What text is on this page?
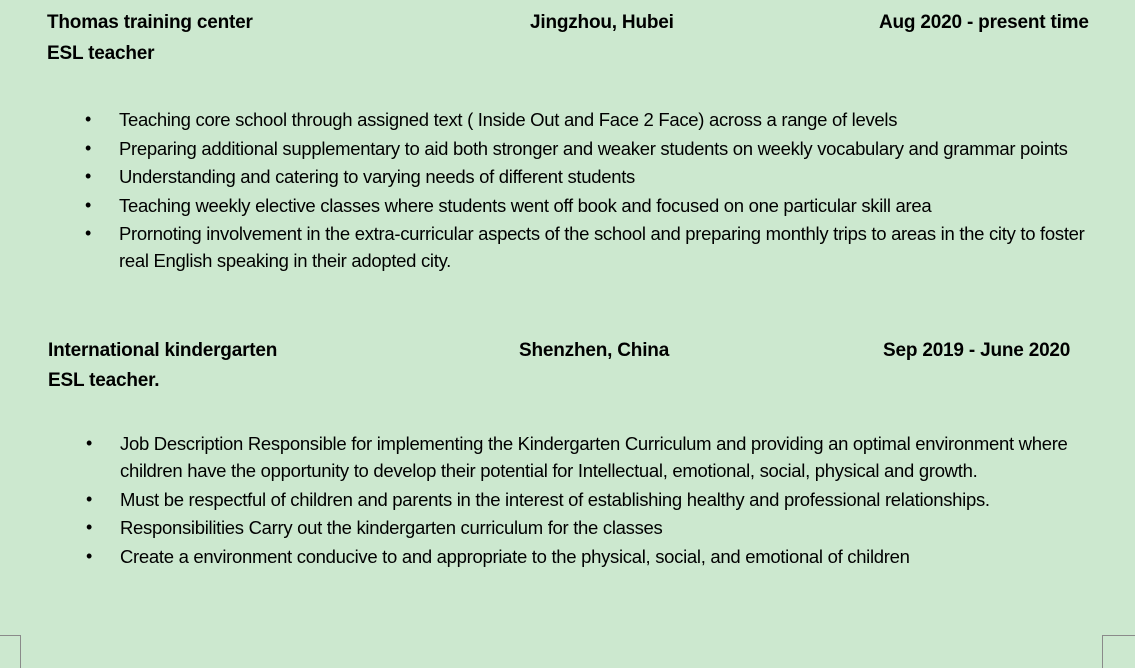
Thomas training center	Jingzhou, Hubei	Aug 2020 - present time
ESL teacher
• Teaching core school through assigned text ( Inside Out and Face 2 Face) across a range of levels
• Preparing additional supplementary to aid both stronger and weaker students on weekly vocabulary and grammar points
• Understanding and catering to varying needs of different students
• Teaching weekly elective classes where students went off book and focused on one particular skill area
• Prornoting involvement in the extra-curricular aspects of the school and preparing monthly trips to areas in the city to foster real English speaking in their adopted city.
International kindergarten	Shenzhen, China	Sep 2019 - June 2020
ESL teacher.
• Job Description Responsible for implementing the Kindergarten Curriculum and providing an optimal environment where children have the opportunity to develop their potential for Intellectual, emotional, social, physical and growth.
• Must be respectful of children and parents in the interest of establishing healthy and professional relationships.
• Responsibilities Carry out the kindergarten curriculum for the classes
• Create a environment conducive to and appropriate to the physical, social, and emotional of children
